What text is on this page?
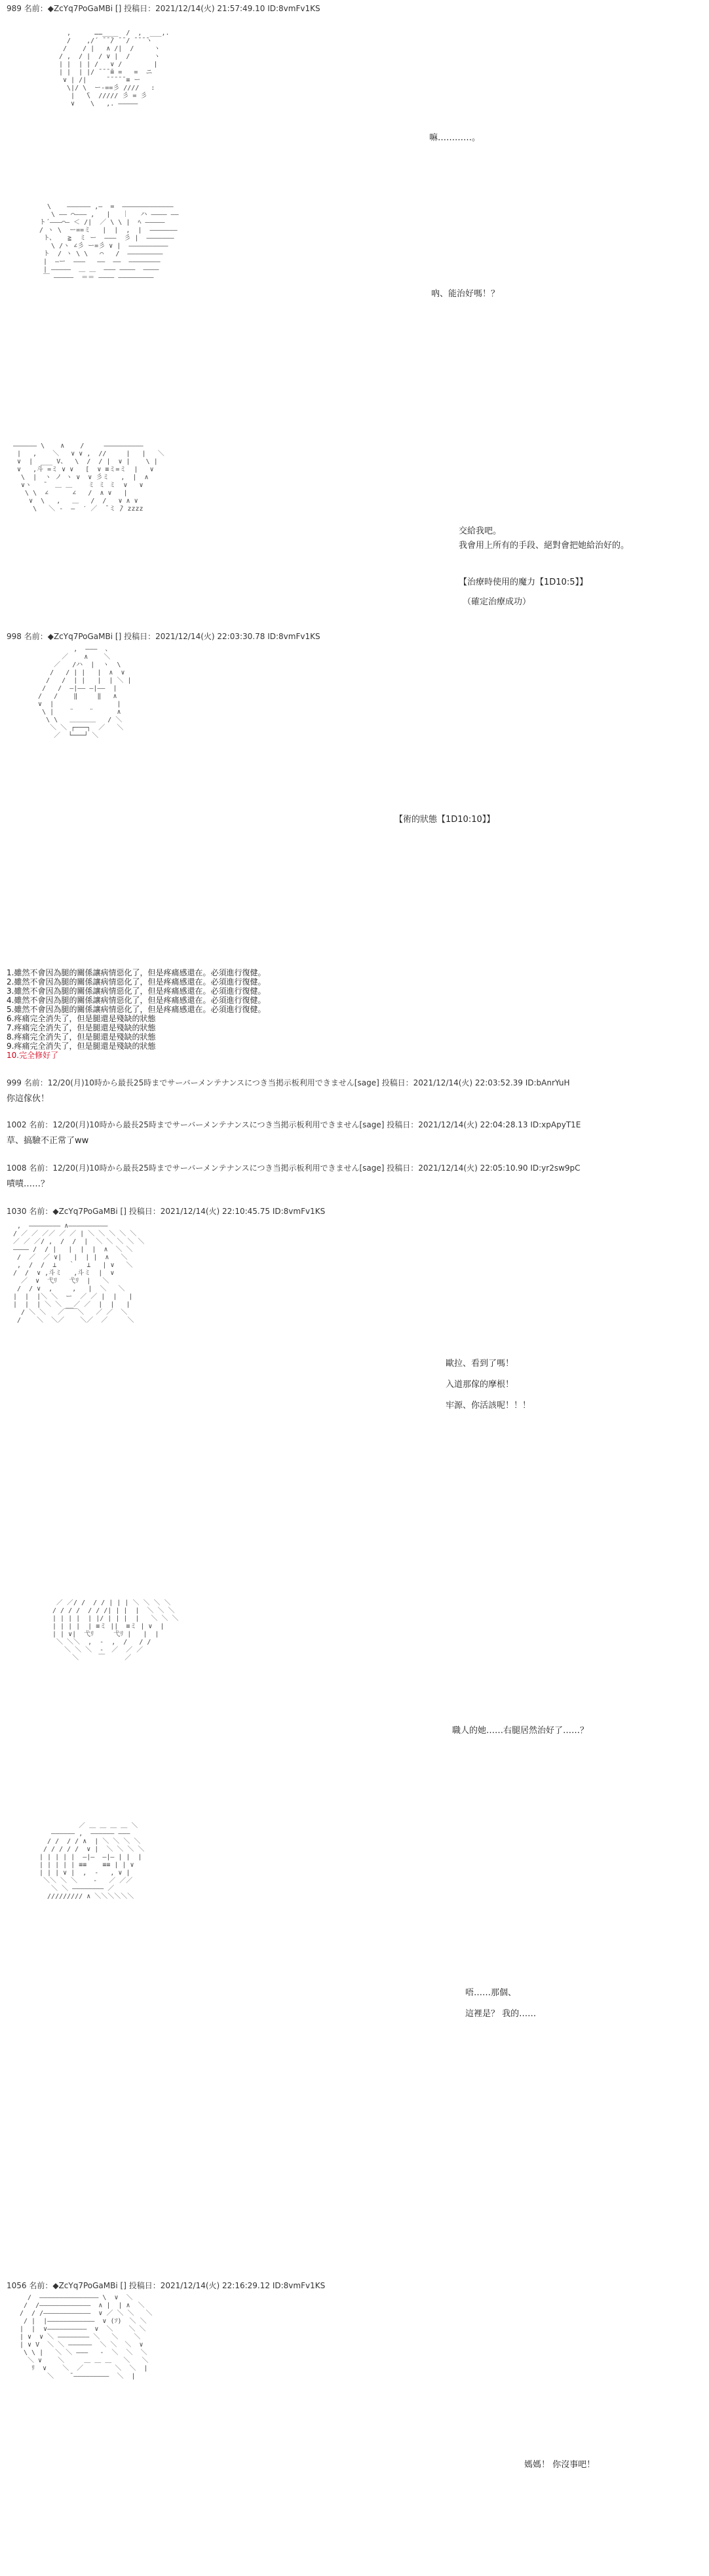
989 名前：◆ZcYq7PoGaMBi [] 投稿日：2021/12/14(火) 21:57:49.10 ID:8vmFv1KS
,      ……____  /  ,  ___,.
/    ,/´ ̄ ̄ ̄/ ̄ ̄ / ̄ ̄ ̄ ̄ヽ
/    / |   ∧ /|  /     ヽ
/ ,  / |  / ∨ |  /      ヽ
| |  | | /   ∨ /        |
| |  | |/ ̄ ̄ ̄ ̄≡ =   =  ニ
∨ | /|     ̄ ̄ ̄ ̄ ̄ ≡ ー
\|/ \  ー-==彡 ////   :
|   ̄\  ///// 彡 = 彡
∨    \   ,. ―――――

嘛…………。
\    ―――――― ,―  =  ―――――――――――――
\ ―― ⌒――― ,   |   ｜   ハ ―――― ――
ト´―――⌒― ＜ /|  ／ \ \ |  ﾍ ―――――
/ ヽ \  ー==ミ   |  |  ,  |  ―――――――
ト、   ≧  ミ ー  ―――  彡 |  ―――――――
\ /ヽ ∠彡 ー=彡 ∨ |  ――――――――――
ト  / ヽ \ \   ⌒   /  ―――――――――
|  ―ー  ―――   ――  ――  ――――――――
| ―――――  ＿ ＿  ――― ――――  ――――
￣ ―――――  ＝＝ ―――― ―――――――――

吶、能治好嗎！？
―――――― \    ∧    /     ――――――――――
|   ,    ＼   ∨ ∨ ,  //     |   |   ＼
∨  |  ___ V、  \  /  / |  ∨ |    \ |
∨   ,斗 =ミ ∨ ∨   [  ∨ ≡ミ=ミ  |   ∨
\  |  ヽ ノ ヽ ∨  ∨ 彡ミ   ,  |  ∧
∨ヽ   ̄   ＿ ＿    ミ ミ ミ  ∨   ∨
\ \  ∠      ∠   /  ∧ ∨   |
∨  \   ,   ＿   /  /   ∨ ∧ ∨
\   ＼ ‐  ―  ′ ／  ̄ ミ ̄/ zzzz

交給我吧。
我會用上所有的手段、絕對會把她給治好的。
【治療時使用的魔力【1D10:5】】
（確定治療成功）
998 名前：◆ZcYq7PoGaMBi [] 投稿日：2021/12/14(火) 22:03:30.78 ID:8vmFv1KS
,  ―――  、
／    ∧    ＼
／   /ハ  |  ヽ  \
/   / | |   |  ∧  ∨
/   /  | |   |  | ＼ |
/   /  ―|―― ―|――  |
/   /    ‖     ‖   ∧
∨  |                |
\ |    ¨    ¨      ∧
\ \   ＿＿＿＿   / ＼
＼ ＼ ┌───┐  ／   ＼
／  └───┘ ＼

【術的狀態【1D10:10】】
1.雖然不會因為腿的關係讓病情惡化了，但是疼痛感還在。必須進行復健。
2.雖然不會因為腿的關係讓病情惡化了，但是疼痛感還在。必須進行復健。
3.雖然不會因為腿的關係讓病情惡化了，但是疼痛感還在。必須進行復健。
4.雖然不會因為腿的關係讓病情惡化了，但是疼痛感還在。必須進行復健。
5.雖然不會因為腿的關係讓病情惡化了，但是疼痛感還在。必須進行復健。
6.疼痛完全消失了，但是腿還是殘缺的狀態
7.疼痛完全消失了，但是腿還是殘缺的狀態
8.疼痛完全消失了，但是腿還是殘缺的狀態
9.疼痛完全消失了，但是腿還是殘缺的狀態
10.完全修好了
999 名前：12/20(月)10時から最長25時までサーバーメンテナンスにつき当掲示板利用できません[sage] 投稿日：2021/12/14(火) 22:03:52.39 ID:bAnrYuH
你這傢伙！
1002 名前：12/20(月)10時から最長25時までサーバーメンテナンスにつき当掲示板利用できません[sage] 投稿日：2021/12/14(火) 22:04:28.13 ID:xpApyT1E
草、搞驗不正常了ww
1008 名前：12/20(月)10時から最長25時までサーバーメンテナンスにつき当掲示板利用できません[sage] 投稿日：2021/12/14(火) 22:05:10.90 ID:yr2sw9pC
嘖嘖……？
1030 名前：◆ZcYq7PoGaMBi [] 投稿日：2021/12/14(火) 22:10:45.75 ID:8vmFv1KS
,  ―――――――― ∧――――――――――
/ ／ ／ ／／ ／ ／ | ＼ ＼ ＼ ＼ ＼
／ ／ ／/ ,  /  /  |  ＼ ＼ ＼ ＼ ＼
―――― /  / |   |  |  |  ∧  ＼ ＼
/  ／  ／ ∨|   |  | |  ∧   ＼
,  /  /  ⊥   ｀   ⊥   | ∨   ＼
/  /  ∨ ,斗ミ   ,斗ミ  |  ∨
／  ∨  弋ﾘ   弋ﾘ  |   ＼
/  / ∨  ,     ,   |  ＼   ＼
|  |  |＼ ＼  ー  ／ ／ |  |   |
|  |  | ＼ ＼ __／ ／  |  |   |
/ ＼ ＼   ／￣￣＼   ／ ／  ＼
/    ＼  ＼／    ＼／  ／     ＼

歐拉、看到了嗎！
入道那傢的摩根！
牢源、你活該呢！！！
／ ／/ /  / / | | | ＼ ＼ ＼ ＼
/ / / /  / / /| | |  |  ＼ ＼ ＼
| | | |  | |/ | | |  |   ＼ ＼ ＼
| | | |  | ≡ミ ||  ≡ミ | ∨  |
| | ∨|  弋ﾘ     弋ﾘ |   |  |
＼ ＼＼  ,  ‐  ,  /   / /
＼ ＼ ＼  ‐  ／  ／ ／
＼     ￣     ／

職人的她……右腿居然治好了……？
／ ＿ ＿ ＿ ＿ ＼
―――――― ,  ―――――― ―――
/ /  / / ∧  | ＼ ＼ ＼ ＼
/ / / / /  ∨ |  ＼ ＼ ＼ ＼
| | | | |  ―|―  ―|― | |  |
| | | | | ≡≡    ≡≡ | | ∨
| | | ∨ |  ,  ‐   , ∨ |
＼＼ ＼ ＼    ‐   ／ ／／
＼ ＼ ―――――――― ／
///////// ∧ ＼＼＼＼＼＼

唔……那個、
這裡是？ 我的……
1056 名前：◆ZcYq7PoGaMBi [] 投稿日：2021/12/14(火) 22:16:29.12 ID:8vmFv1KS
/  ――――――――――――――― \  ∨  ＼
/  /―――――――――――――  ∧ |  | ∧  ＼
/  / /――――――――――――  ∨ ／ ＼ ＼   ＼
/ |  |――――――――――――  ∨ (ｿ)  ＼ ＼
|  |  ∨――――――――――  ∨  ＼    ＼ ＼
| ∨  ∨ ＼ ―――――――― ＼   ＼    ＼
| ∨ V  ＼ ＼ ――――――  ＼ ＼  ＼  ∨
\ \ |   ＼ ＼ ―――   ‐  ＼  ＼  ＼
＼ ∨    ＼     ＿ ＿ ＿   ＼   ＼
ﾘ  ∨    ＼  ／        ＼  ＼  |
＼    ̄ ―――――――――  ＼  |

媽媽！ 你沒事吧！
